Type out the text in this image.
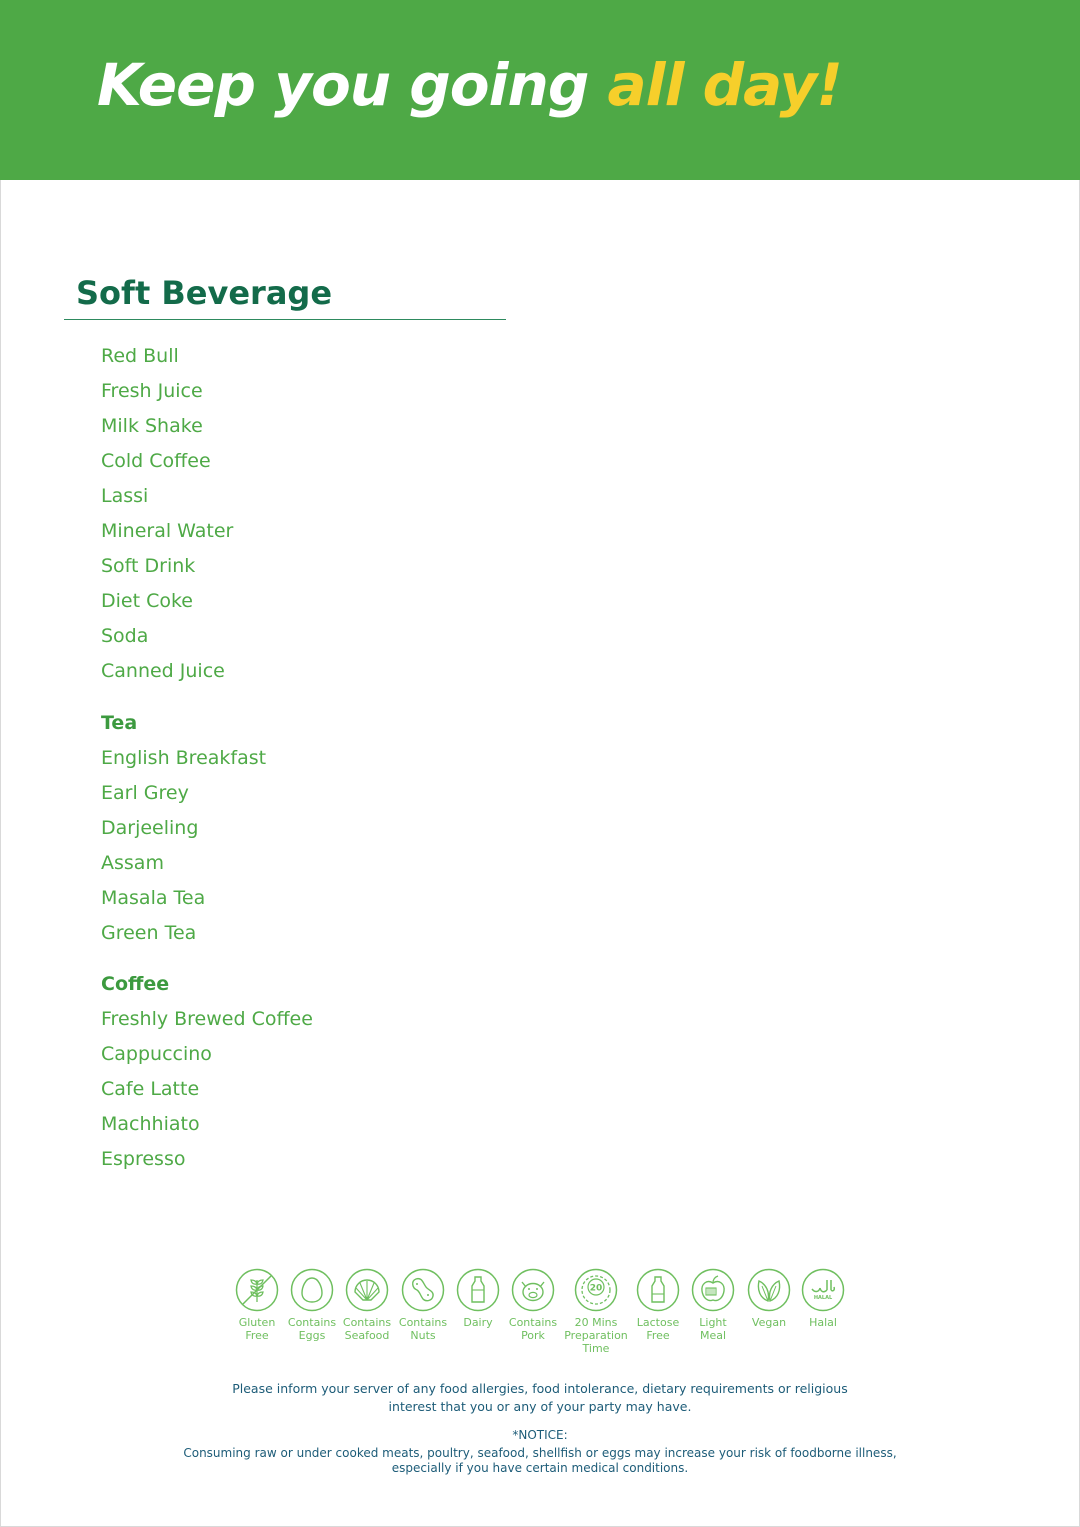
Keep you going all day!
Soft Beverage
Red Bull
Fresh Juice
Milk Shake
Cold Coffee
Lassi
Mineral Water
Soft Drink
Diet Coke
Soda
Canned Juice
Tea
English Breakfast
Earl Grey
Darjeeling
Assam
Masala Tea
Green Tea
Coffee
Freshly Brewed Coffee
Cappuccino
Cafe Latte
Machhiato
Espresso
Gluten
Free
Contains
Eggs
Contains
Seafood
Contains
Nuts
Dairy	Contains
Pork
20
20 Mins
Preparation
Time
Lactose
Free
Light
Meal
Vegan
HALAL
Halal
Please inform your server of any food allergies, food intolerance, dietary requirements or religious
interest that you or any of your party may have.
*NOTICE:
Consuming raw or under cooked meats, poultry, seafood, shellfish or eggs may increase your risk of foodborne illness,
especially if you have certain medical conditions.
